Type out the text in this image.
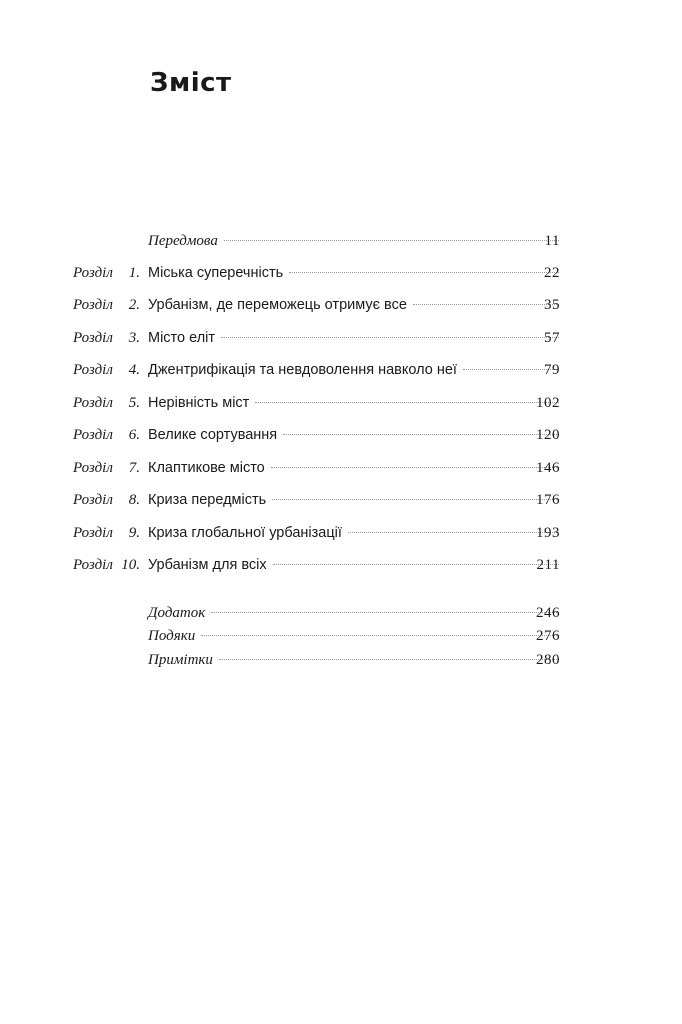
Зміст
Передмова	11
Розділ 1. Міська суперечність	22
Розділ 2. Урбанізм, де переможець отримує все	35
Розділ 3. Місто еліт	57
Розділ 4. Джентрифікація та невдоволення навколо неї	79
Розділ 5. Нерівність міст	102
Розділ 6. Велике сортування	120
Розділ 7. Клаптикове місто	146
Розділ 8. Криза передмість	176
Розділ 9. Криза глобальної урбанізації	193
Розділ 10. Урбанізм для всіх	211
Додаток	246
Подяки	276
Примітки	280
